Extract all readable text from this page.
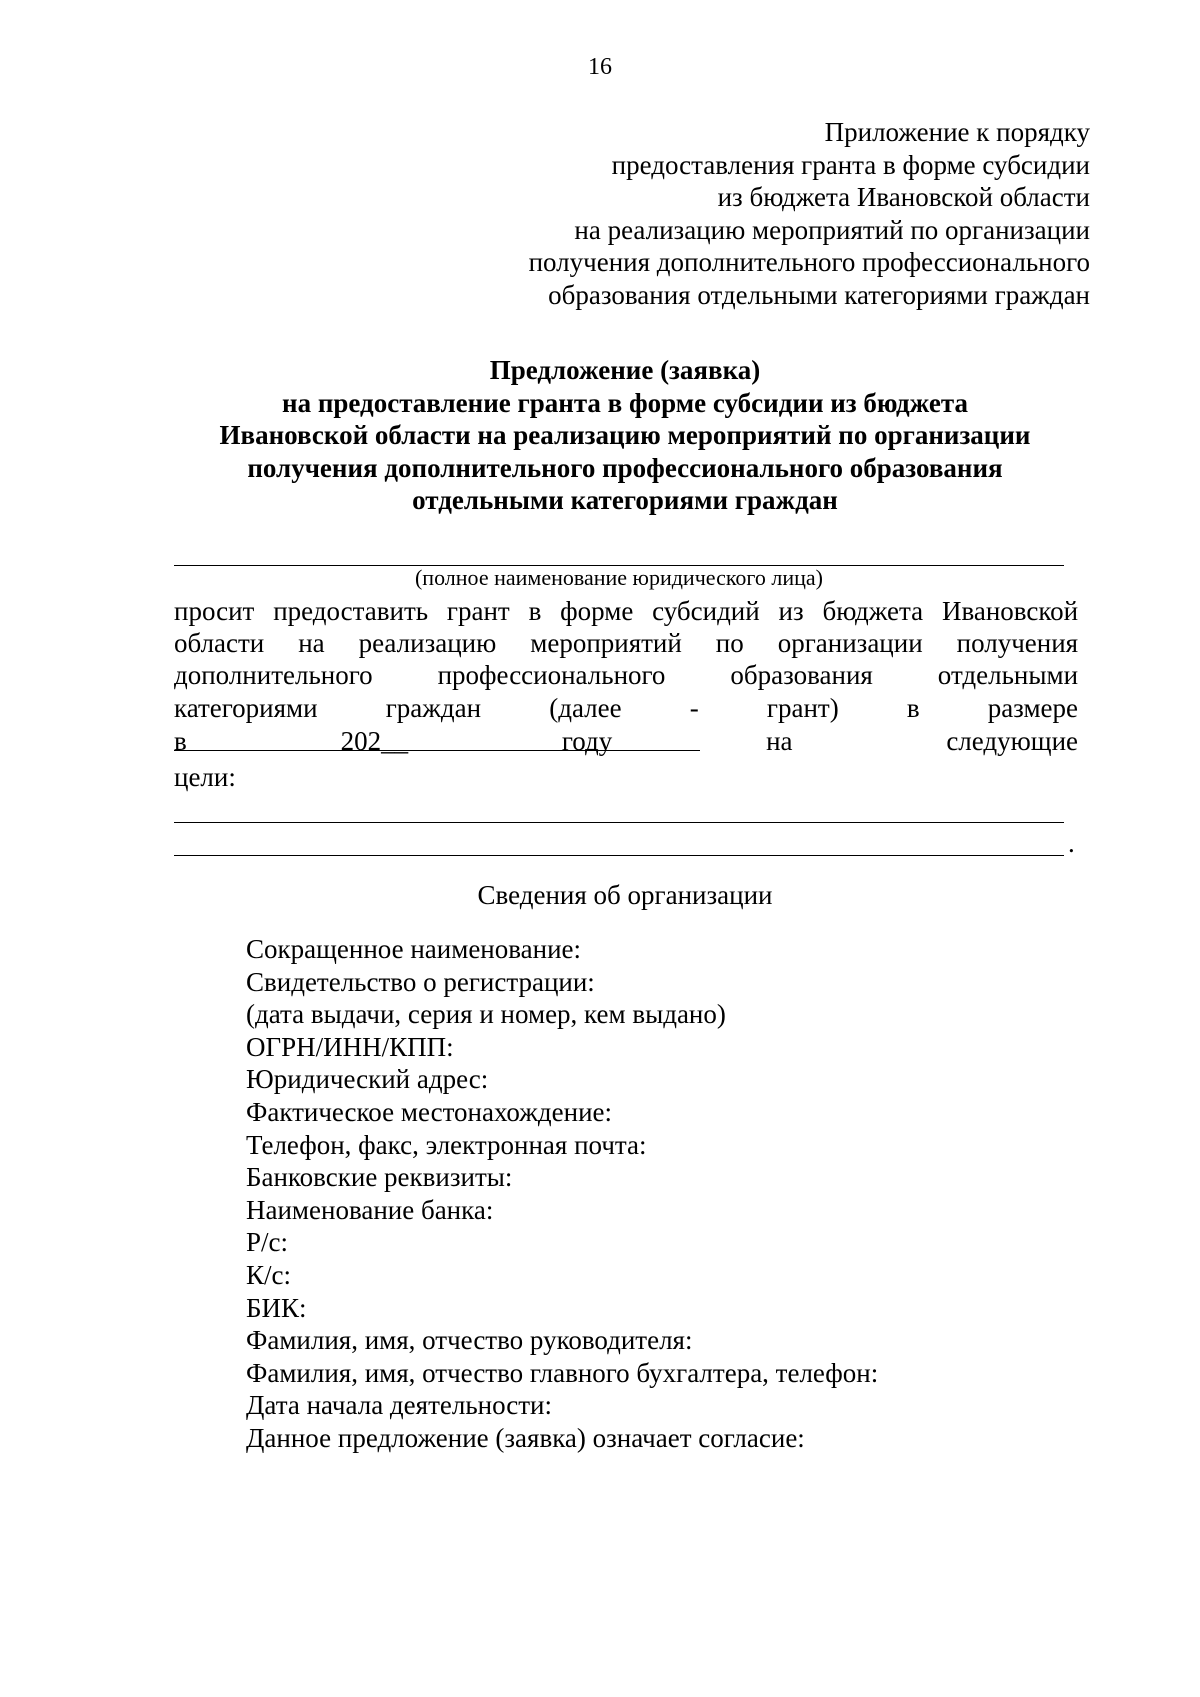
16
Приложение к порядку
предоставления гранта в форме субсидии
из бюджета Ивановской области
на реализацию мероприятий по организации
получения дополнительного профессионального
образования отдельными категориями граждан
Предложение (заявка)
на предоставление гранта в форме субсидии из бюджета
Ивановской области на реализацию мероприятий по организации
получения дополнительного профессионального образования
отдельными категориями граждан
(полное наименование юридического лица)
просит предоставить грант в форме субсидий из бюджета Ивановской
области на реализацию мероприятий по организации получения
дополнительного профессионального образования отдельными
категориями	граждан	(далее	-	грант)	в	размере
в	202__	году	на	следующие
цели:
.
Сведения об организации
Сокращенное наименование:
Свидетельство о регистрации:
(дата выдачи, серия и номер, кем выдано)
ОГРН/ИНН/КПП:
Юридический адрес:
Фактическое местонахождение:
Телефон, факс, электронная почта:
Банковские реквизиты:
Наименование банка:
Р/с:
К/с:
БИК:
Фамилия, имя, отчество руководителя:
Фамилия, имя, отчество главного бухгалтера, телефон:
Дата начала деятельности:
Данное предложение (заявка) означает согласие:
